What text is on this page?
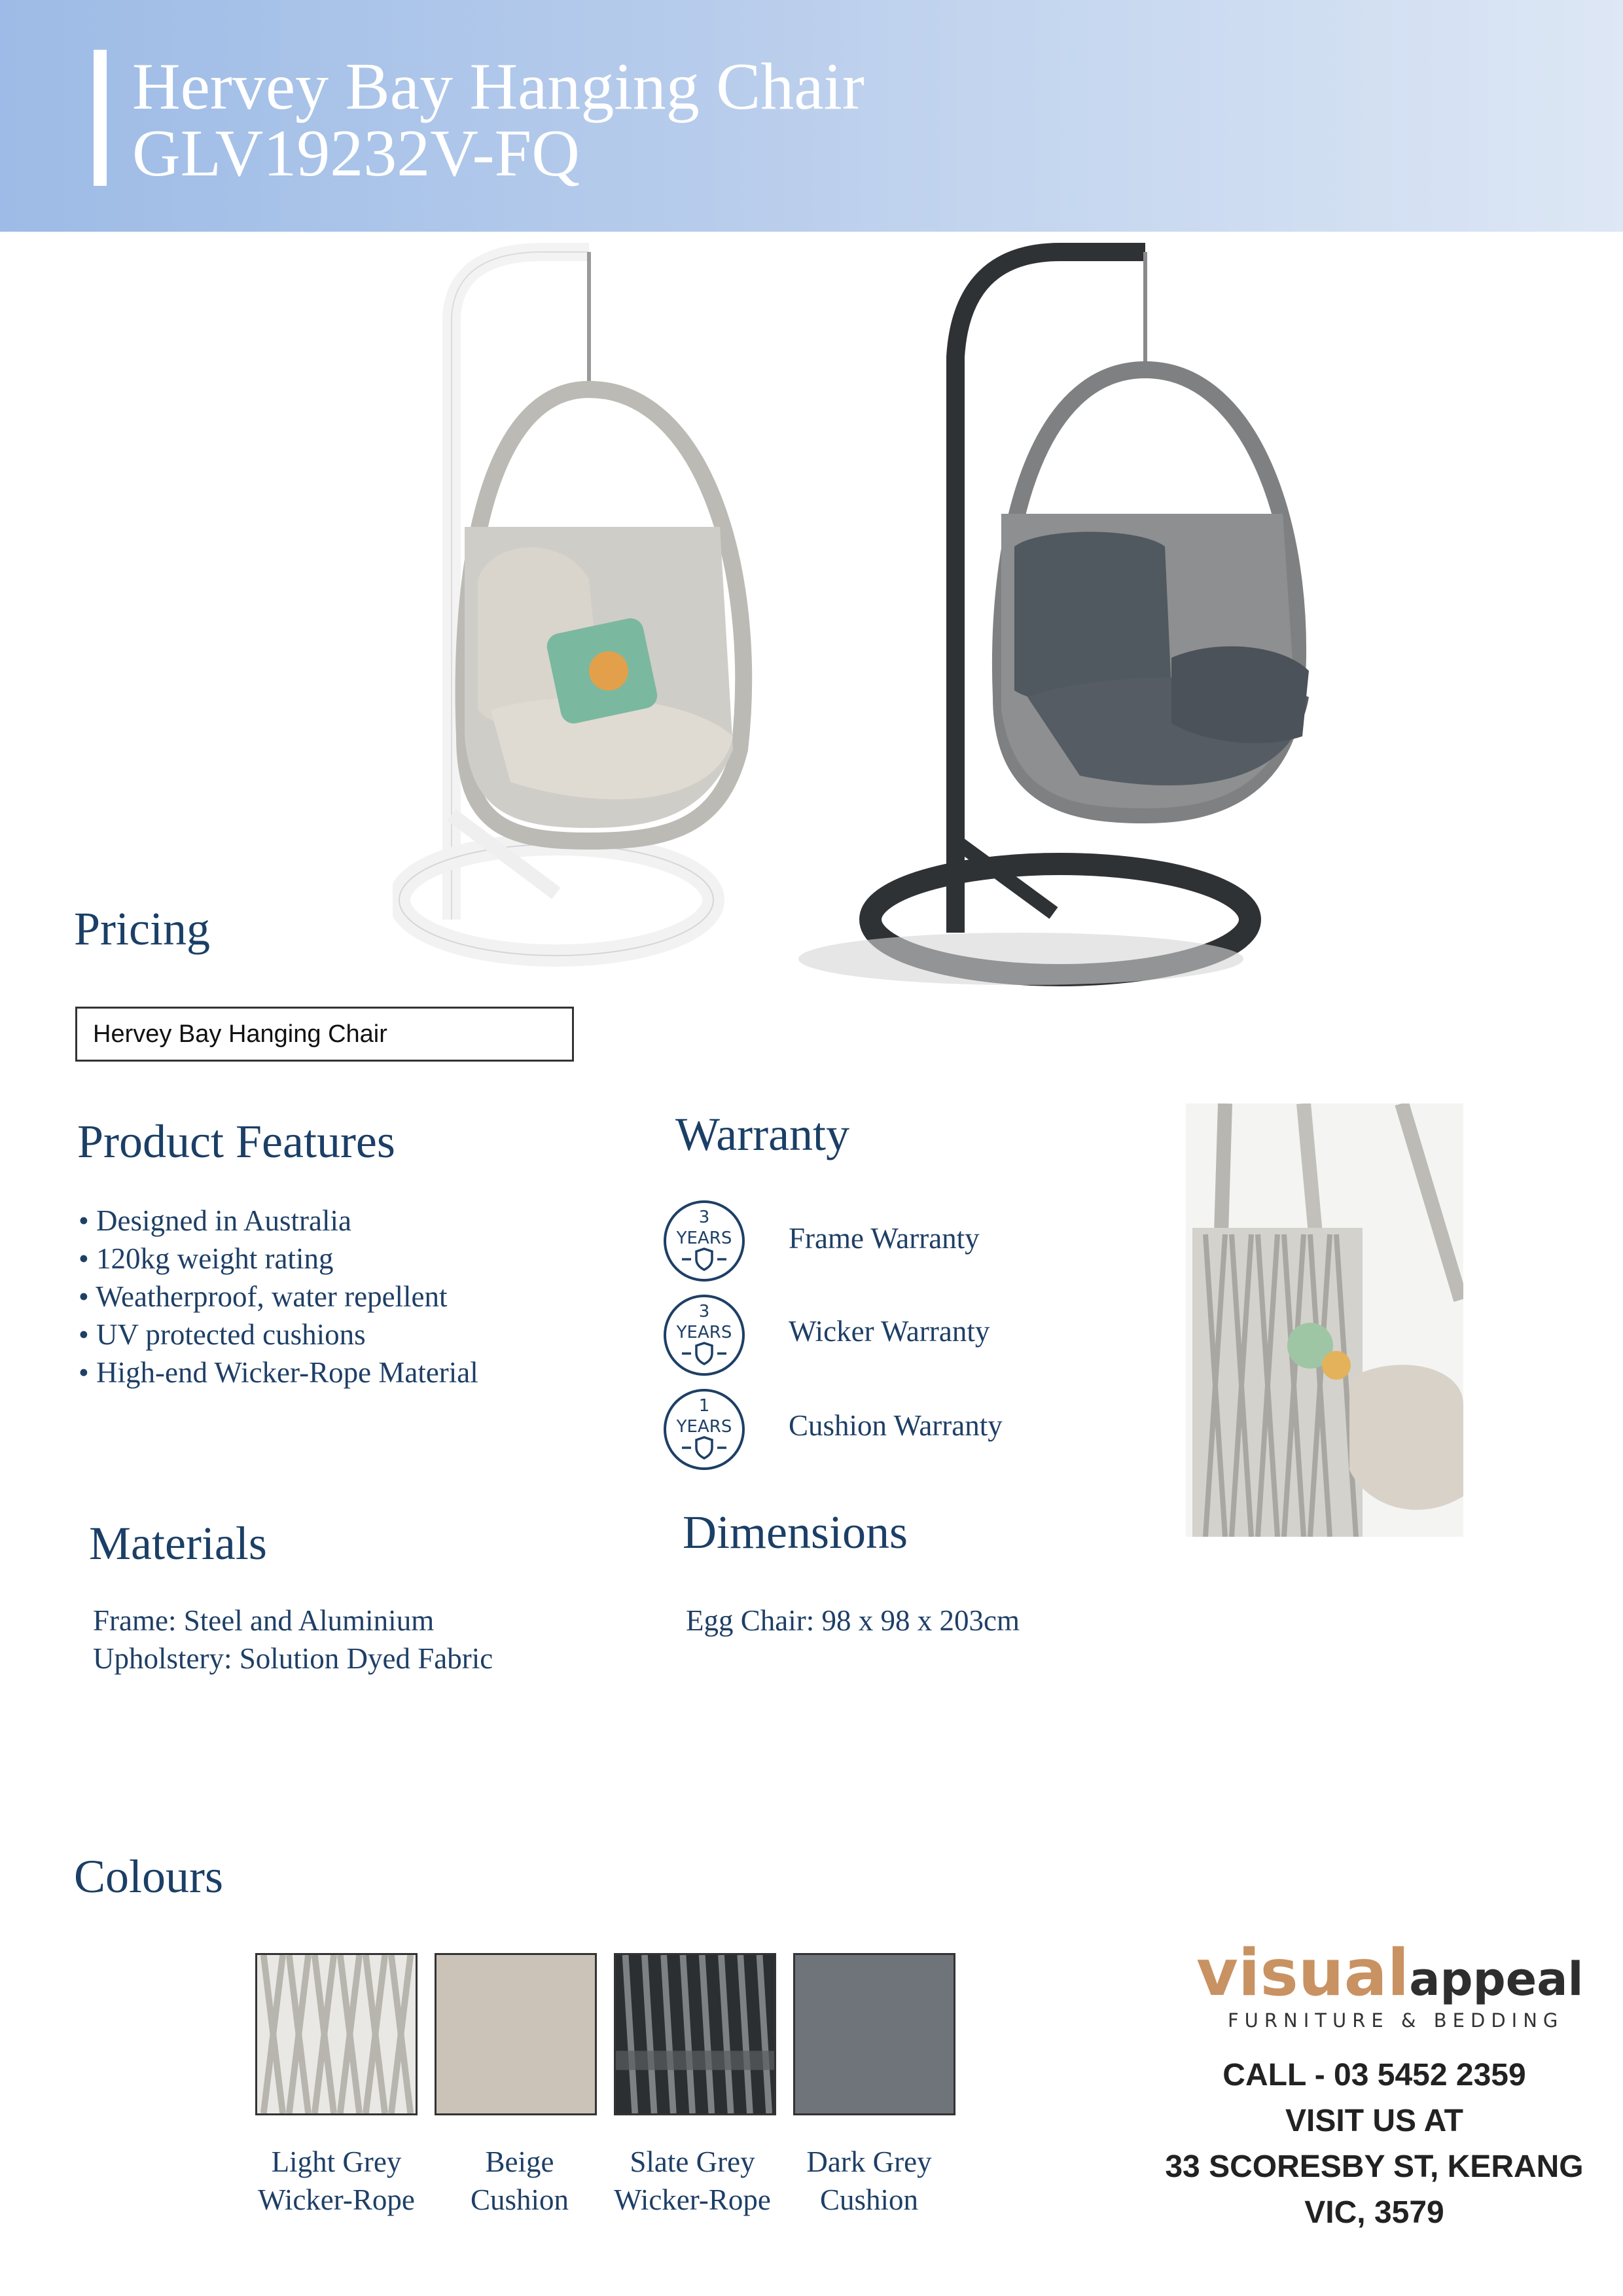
Hervey Bay Hanging Chair
GLV19232V-FQ
Pricing
Hervey Bay Hanging Chair
Product Features
• Designed in Australia
• 120kg weight rating
• Weatherproof, water repellent
• UV protected cushions
• High-end Wicker-Rope Material
Warranty
3
YEARS Frame Warranty
3
YEARS Wicker Warranty
1
YEARS Cushion Warranty
Materials
Frame: Steel and Aluminium
Upholstery: Solution Dyed Fabric
Dimensions
Egg Chair: 98 x 98 x 203cm
Colours
Light Grey
Wicker-Rope
Beige
Cushion
Slate Grey
Wicker-Rope
Dark Grey
Cushion
visualappeal
FURNITURE & BEDDING
CALL - 03 5452 2359
VISIT US AT
33 SCORESBY ST, KERANG
VIC, 3579
